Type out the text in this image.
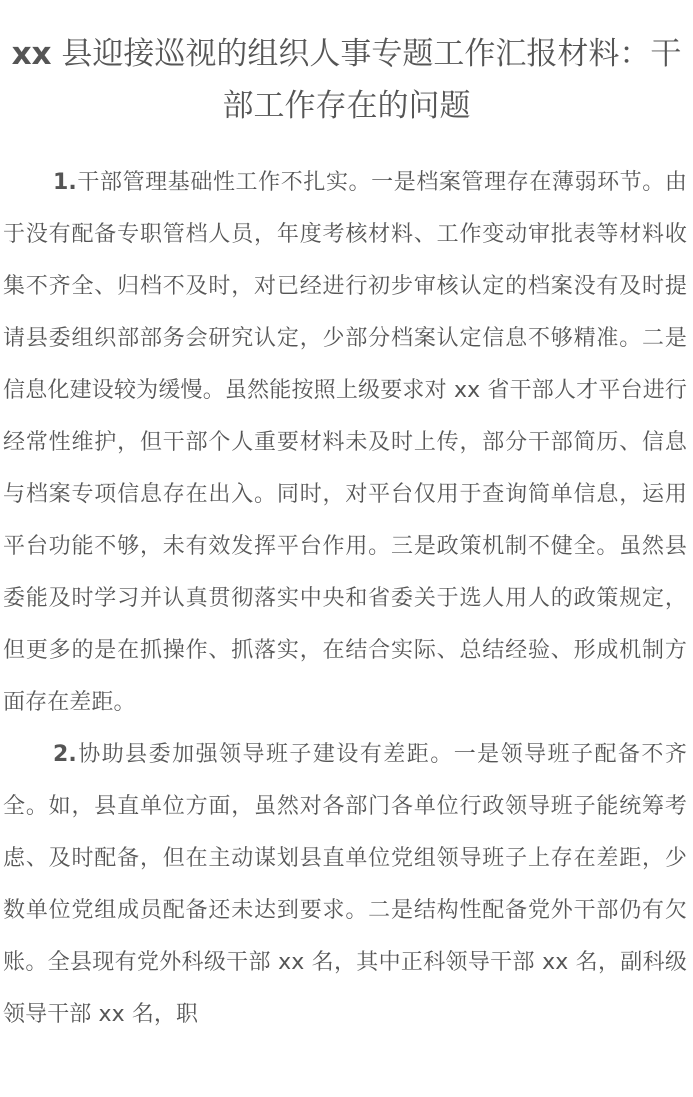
xx 县迎接巡视的组织人事专题工作汇报材料：干部工作存在的问题

1.干部管理基础性工作不扎实。一是档案管理存在薄弱环节。由于没有配备专职管档人员，年度考核材料、工作变动审批表等材料收集不齐全、归档不及时，对已经进行初步审核认定的档案没有及时提请县委组织部部务会研究认定，少部分档案认定信息不够精准。二是信息化建设较为缓慢。虽然能按照上级要求对 xx 省干部人才平台进行经常性维护，但干部个人重要材料未及时上传，部分干部简历、信息与档案专项信息存在出入。同时，对平台仅用于查询简单信息，运用平台功能不够，未有效发挥平台作用。三是政策机制不健全。虽然县委能及时学习并认真贯彻落实中央和省委关于选人用人的政策规定，但更多的是在抓操作、抓落实，在结合实际、总结经验、形成机制方面存在差距。

2.协助县委加强领导班子建设有差距。一是领导班子配备不齐全。如，县直单位方面，虽然对各部门各单位行政领导班子能统筹考虑、及时配备，但在主动谋划县直单位党组领导班子上存在差距，少数单位党组成员配备还未达到要求。二是结构性配备党外干部仍有欠账。全县现有党外科级干部 xx 名，其中正科领导干部 xx 名，副科级领导干部 xx 名，职
